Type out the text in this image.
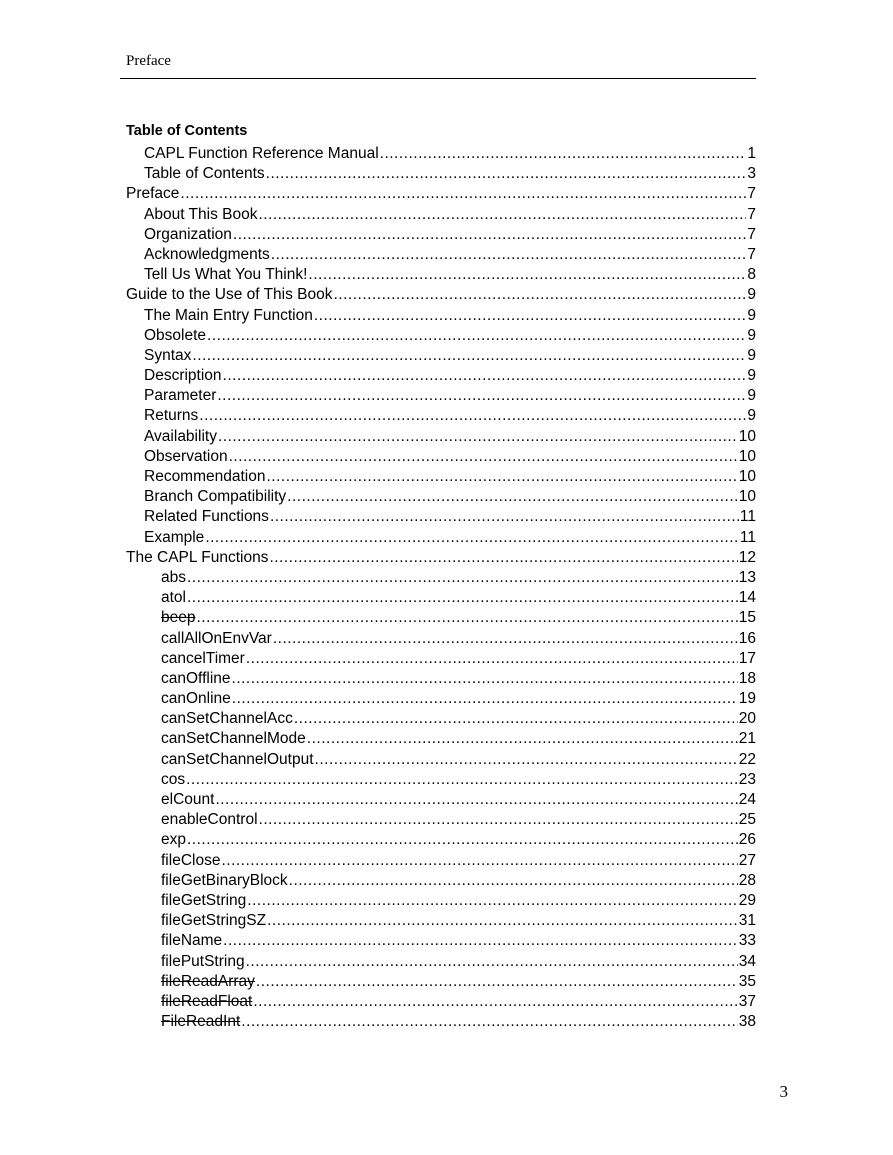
Preface
Table of Contents
CAPL Function Reference Manual .....	1
Table of Contents .....	3
Preface .....	7
About This Book .....	7
Organization .....	7
Acknowledgments .....	7
Tell Us What You Think! .....	8
Guide to the Use of This Book .....	9
The Main Entry Function .....	9
Obsolete .....	9
Syntax .....	9
Description .....	9
Parameter .....	9
Returns .....	9
Availability .....	10
Observation .....	10
Recommendation .....	10
Branch Compatibility .....	10
Related Functions .....	11
Example .....	11
The CAPL Functions .....	12
abs .....	13
atol .....	14
beep .....	15
callAllOnEnvVar .....	16
cancelTimer .....	17
canOffline .....	18
canOnline .....	19
canSetChannelAcc .....	20
canSetChannelMode .....	21
canSetChannelOutput .....	22
cos .....	23
elCount .....	24
enableControl .....	25
exp .....	26
fileClose .....	27
fileGetBinaryBlock .....	28
fileGetString .....	29
fileGetStringSZ .....	31
fileName .....	33
filePutString .....	34
fileReadArray .....	35
fileReadFloat .....	37
FileReadInt .....	38
3
